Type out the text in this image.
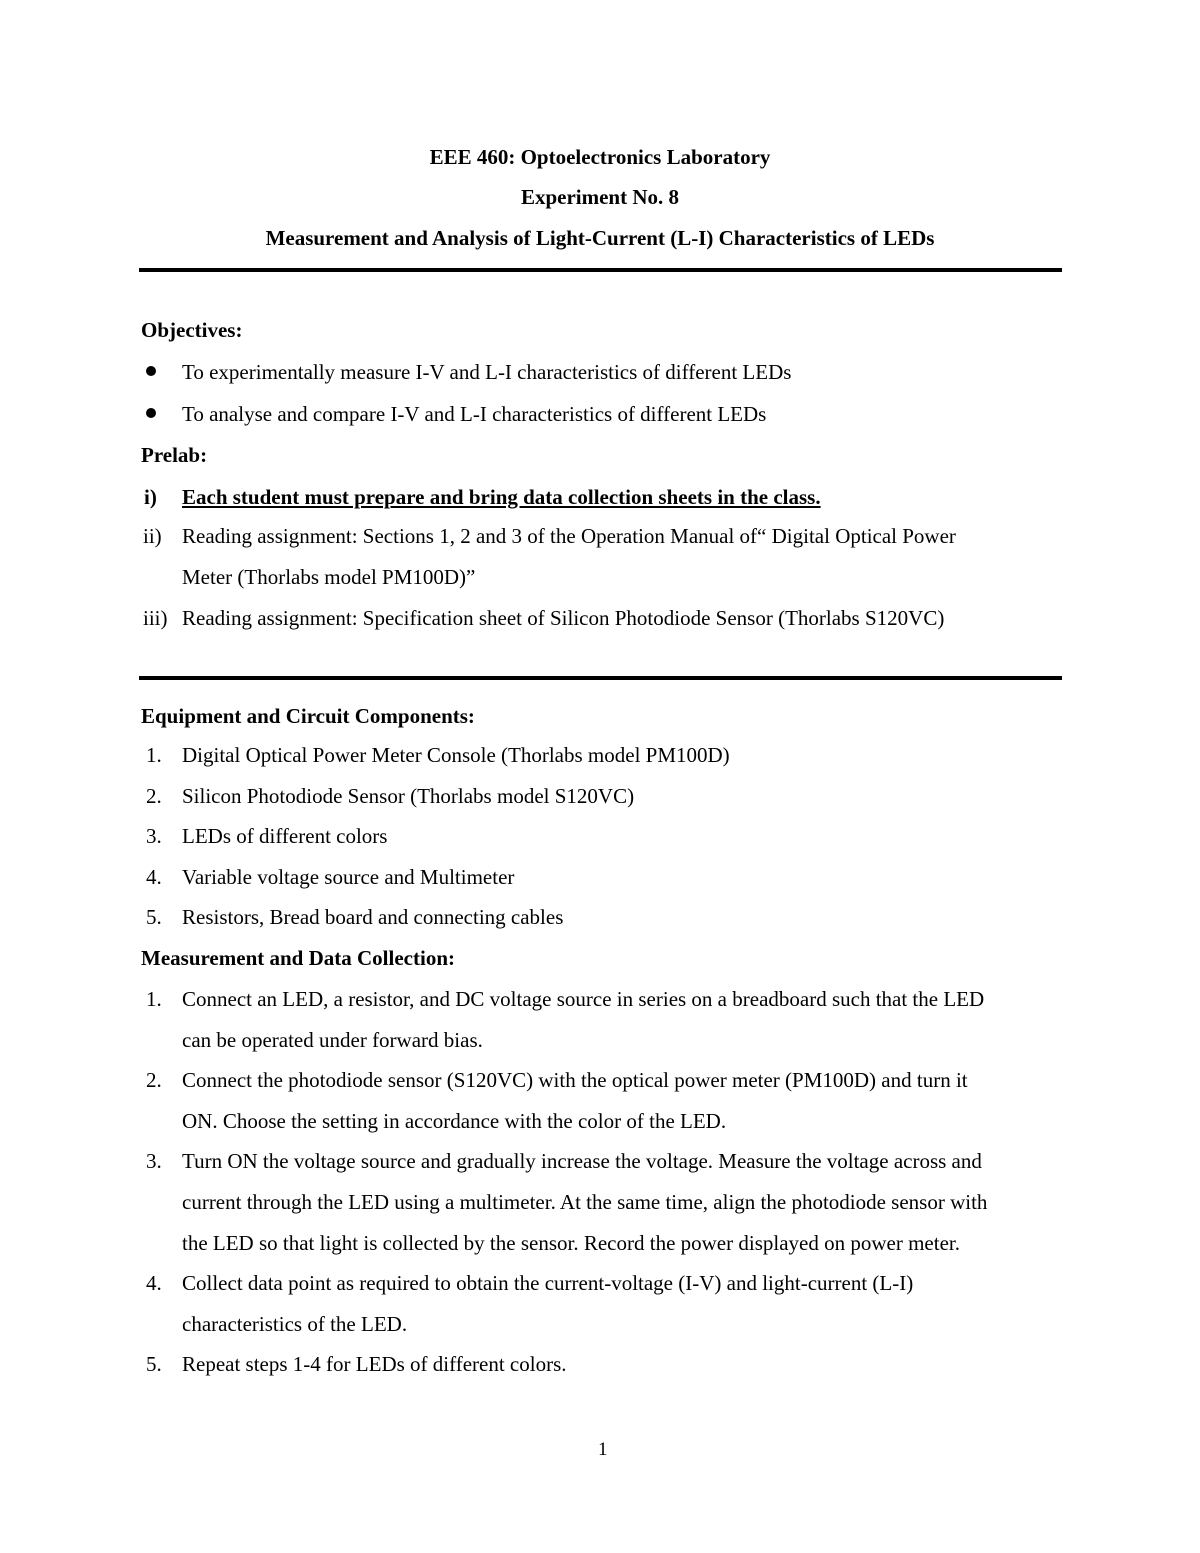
EEE 460: Optoelectronics Laboratory
Experiment No. 8
Measurement and Analysis of Light-Current (L-I) Characteristics of LEDs
Objectives:
To experimentally measure I-V and L-I characteristics of different LEDs
To analyse and compare I-V and L-I characteristics of different LEDs
Prelab:
i) Each student must prepare and bring data collection sheets in the class.
ii) Reading assignment: Sections 1, 2 and 3 of the Operation Manual of“ Digital Optical Power
Meter (Thorlabs model PM100D)”
iii) Reading assignment: Specification sheet of Silicon Photodiode Sensor (Thorlabs S120VC)
Equipment and Circuit Components:
1. Digital Optical Power Meter Console (Thorlabs model PM100D)
2. Silicon Photodiode Sensor (Thorlabs model S120VC)
3. LEDs of different colors
4. Variable voltage source and Multimeter
5. Resistors, Bread board and connecting cables
Measurement and Data Collection:
1. Connect an LED, a resistor, and DC voltage source in series on a breadboard such that the LED
can be operated under forward bias.
2. Connect the photodiode sensor (S120VC) with the optical power meter (PM100D) and turn it
ON. Choose the setting in accordance with the color of the LED.
3. Turn ON the voltage source and gradually increase the voltage. Measure the voltage across and
current through the LED using a multimeter. At the same time, align the photodiode sensor with
the LED so that light is collected by the sensor. Record the power displayed on power meter.
4. Collect data point as required to obtain the current-voltage (I-V) and light-current (L-I)
characteristics of the LED.
5. Repeat steps 1-4 for LEDs of different colors.
1
